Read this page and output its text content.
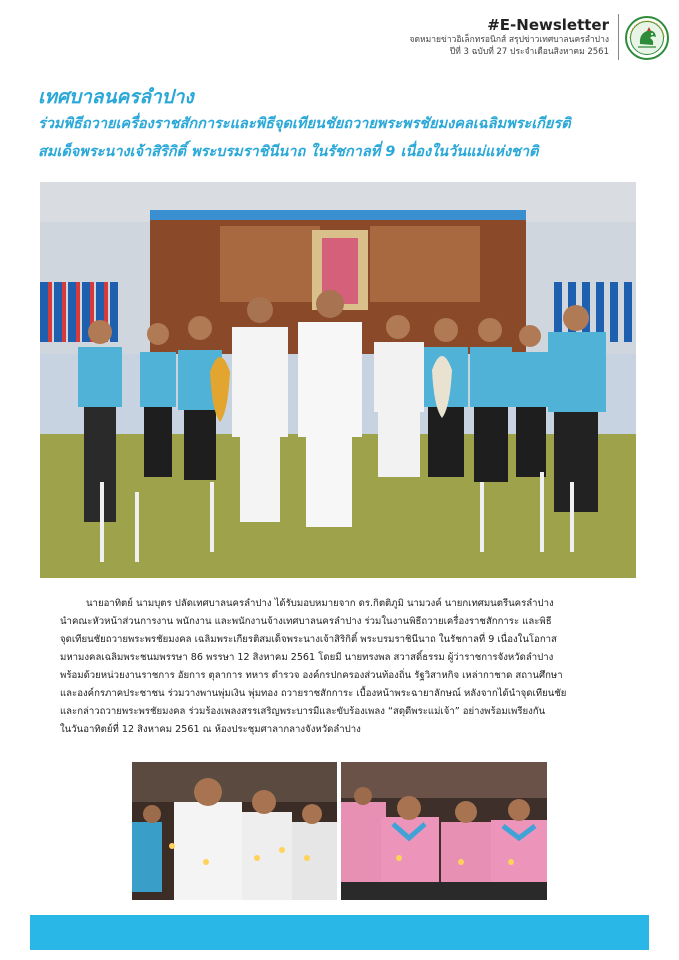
#E-Newsletter
จดหมายข่าวอิเล็กทรอนิกส์ สรุปข่าวเทศบาลนครลำปาง
ปีที่ 3 ฉบับที่ 27 ประจำเดือนสิงหาคม 2561
เทศบาลนครลำปาง
ร่วมพิธีถวายเครื่องราชสักการะและพิธีจุดเทียนชัยถวายพระพรชัยมงคลเฉลิมพระเกียรติ
สมเด็จพระนางเจ้าสิริกิติ์ พระบรมราชินีนาถ ในรัชกาลที่ 9 เนื่องในวันแม่แห่งชาติ

นายอาทิตย์ นามบุตร ปลัดเทศบาลนครลำปาง ได้รับมอบหมายจาก ดร.กิตติภูมิ นามวงค์ นายกเทศมนตรีนครลำปาง

นำคณะหัวหน้าส่วนการงาน พนักงาน และพนักงานจ้างเทศบาลนครลำปาง ร่วมในงานพิธีถวายเครื่องราชสักการะ และพิธี

จุดเทียนชัยถวายพระพรชัยมงคล เฉลิมพระเกียรติสมเด็จพระนางเจ้าสิริกิติ์ พระบรมราชินีนาถ ในรัชกาลที่ 9 เนื่องในโอกาส

มหามงคลเฉลิมพระชนมพรรษา 86 พรรษา 12 สิงหาคม 2561 โดยมี นายทรงพล สวาสดิ์ธรรม ผู้ว่าราชการจังหวัดลำปาง

พร้อมด้วยหน่วยงานราชการ อัยการ ตุลาการ ทหาร ตำรวจ องค์กรปกครองส่วนท้องถิ่น รัฐวิสาหกิจ เหล่ากาชาด สถานศึกษา

และองค์กรภาคประชาชน ร่วมวางพานพุ่มเงิน พุ่มทอง ถวายราชสักการะ เบื้องหน้าพระฉายาลักษณ์ หลังจากได้นำจุดเทียนชัย

และกล่าวถวายพระพรชัยมงคล ร่วมร้องเพลงสรรเสริญพระบารมีและขับร้องเพลง “สดุดีพระแม่เจ้า” อย่างพร้อมเพรียงกัน

ในวันอาทิตย์ที่ 12 สิงหาคม 2561 ณ ห้องประชุมศาลากลางจังหวัดลำปาง
